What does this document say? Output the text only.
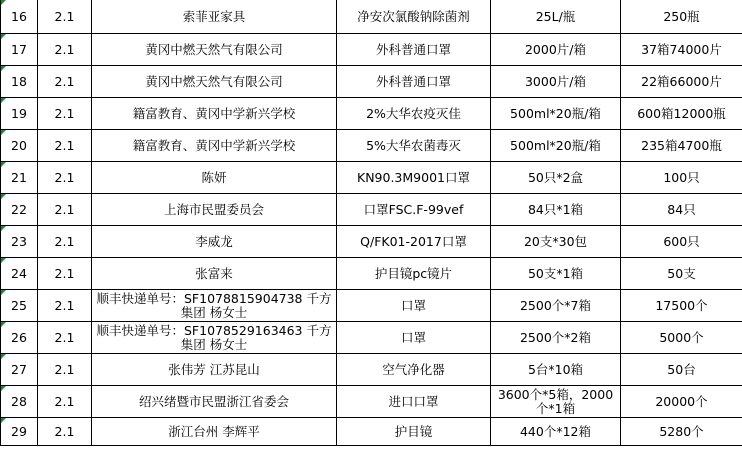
16	2.1	索菲亚家具	净安次氯酸钠除菌剂	25L/瓶	250瓶
17	2.1	黄冈中燃天然气有限公司	外科普通口罩	2000片/箱	37箱74000片
18	2.1	黄冈中燃天然气有限公司	外科普通口罩	3000片/箱	22箱66000片
19	2.1	籍富教育、黄冈中学新兴学校	2%大华农疫灭佳	500ml*20瓶/箱	600箱12000瓶
20	2.1	籍富教育、黄冈中学新兴学校	5%大华农菌毒灭	500ml*20瓶/箱	235箱4700瓶
21	2.1	陈妍	KN90.3M9001口罩	50只*2盒	100只
22	2.1	上海市民盟委员会	口罩FSC.F-99vef	84只*1箱	84只
23	2.1	李威龙	Q/FK01-2017口罩	20支*30包	600只
24	2.1	张富来	护目镜pc镜片	50支*1箱	50支
25	2.1	顺丰快递单号：SF1078815904738 千方集团 杨女士	口罩	2500个*7箱	17500个
26	2.1	顺丰快递单号：SF1078529163463 千方集团 杨女士	口罩	2500个*2箱	5000个
27	2.1	张伟芳 江苏昆山	空气净化器	5台*10箱	50台
28	2.1	绍兴绪暨市民盟浙江省委会	进口口罩	3600个*5箱，2000个*1箱	20000个
29	2.1	浙江台州 李辉平	护目镜	440个*12箱	5280个
